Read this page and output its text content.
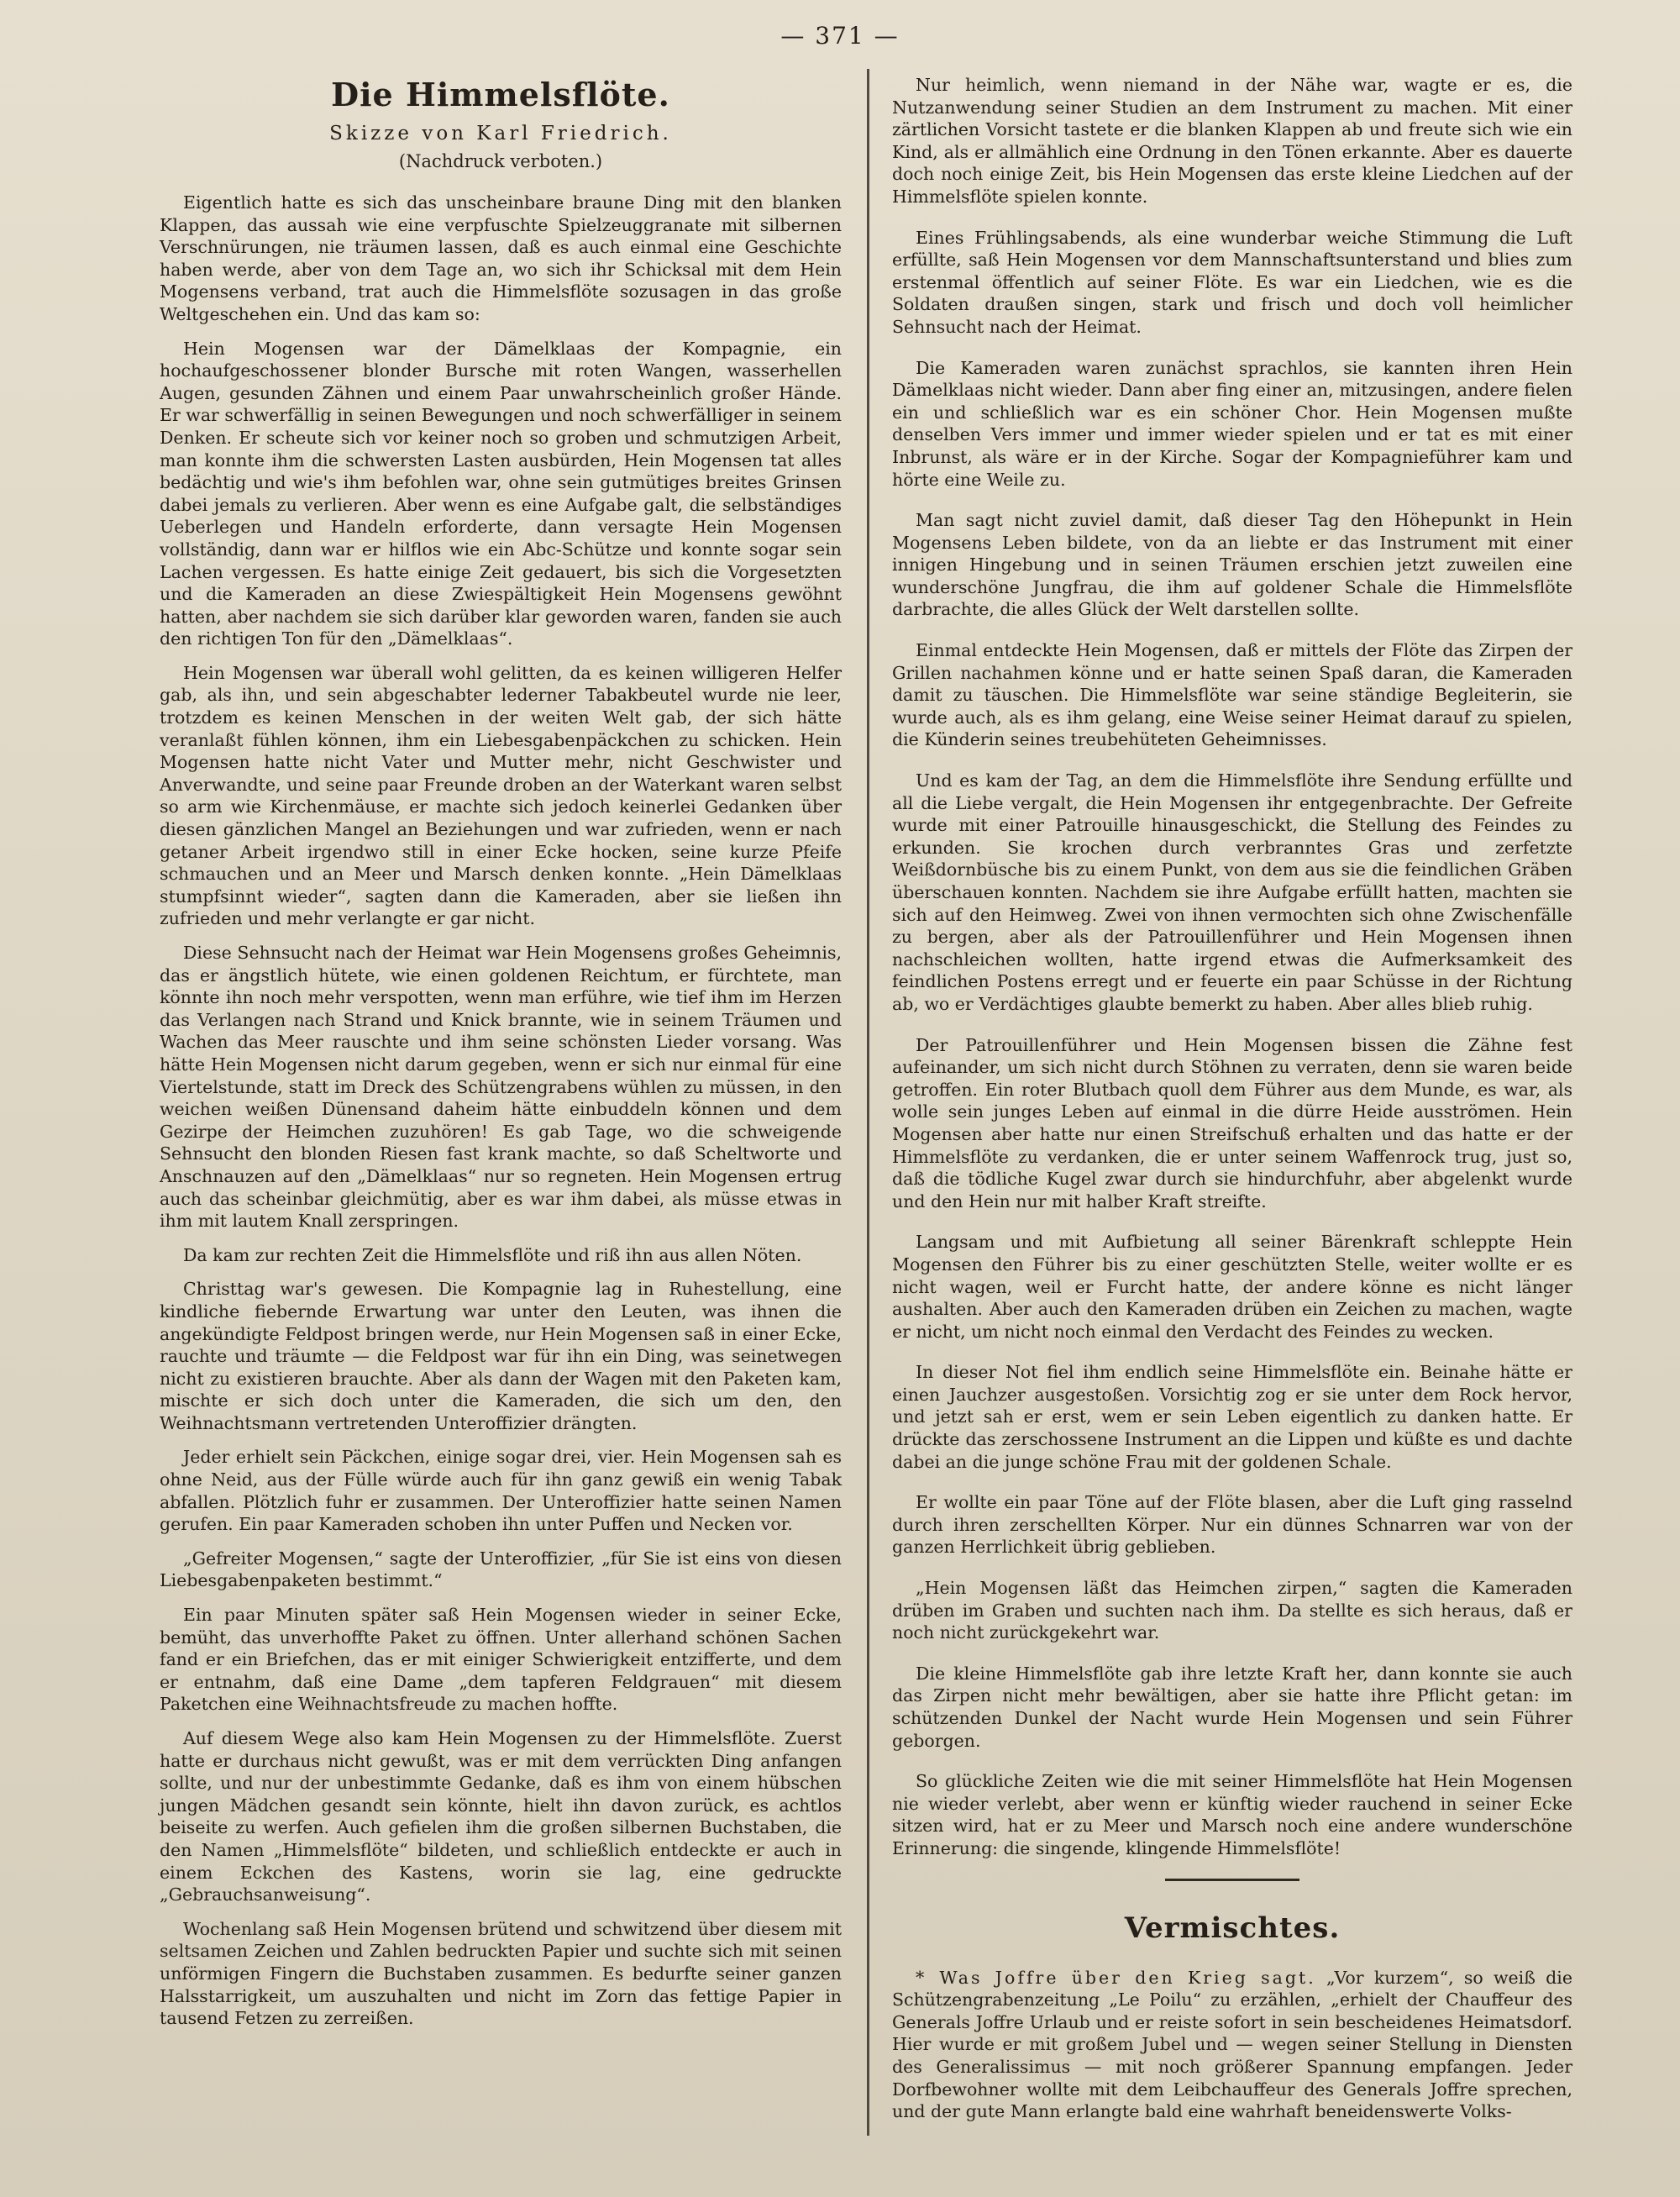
— 371 —
Die Himmelsflöte.
Skizze von Karl Friedrich.
(Nachdruck verboten.)

Eigentlich hatte es sich das unscheinbare braune Ding mit den blanken Klappen, das aussah wie eine verpfuschte Spielzeuggranate mit silbernen Verschnürungen, nie träumen lassen, daß es auch einmal eine Geschichte haben werde, aber von dem Tage an, wo sich ihr Schicksal mit dem Hein Mogensens verband, trat auch die Himmelsflöte sozusagen in das große Weltgeschehen ein. Und das kam so:

Hein Mogensen war der Dämelklaas der Kompagnie, ein hochaufgeschossener blonder Bursche mit roten Wangen, wasserhellen Augen, gesunden Zähnen und einem Paar unwahrscheinlich großer Hände. Er war schwerfällig in seinen Bewegungen und noch schwerfälliger in seinem Denken. Er scheute sich vor keiner noch so groben und schmutzigen Arbeit, man konnte ihm die schwersten Lasten ausbürden, Hein Mogensen tat alles bedächtig und wie's ihm befohlen war, ohne sein gutmütiges breites Grinsen dabei jemals zu verlieren. Aber wenn es eine Aufgabe galt, die selbständiges Ueberlegen und Handeln erforderte, dann versagte Hein Mogensen vollständig, dann war er hilflos wie ein Abc-Schütze und konnte sogar sein Lachen vergessen. Es hatte einige Zeit gedauert, bis sich die Vorgesetzten und die Kameraden an diese Zwiespältigkeit Hein Mogensens gewöhnt hatten, aber nachdem sie sich darüber klar geworden waren, fanden sie auch den richtigen Ton für den „Dämelklaas“.

Hein Mogensen war überall wohl gelitten, da es keinen willigeren Helfer gab, als ihn, und sein abgeschabter lederner Tabakbeutel wurde nie leer, trotzdem es keinen Menschen in der weiten Welt gab, der sich hätte veranlaßt fühlen können, ihm ein Liebesgabenpäckchen zu schicken. Hein Mogensen hatte nicht Vater und Mutter mehr, nicht Geschwister und Anverwandte, und seine paar Freunde droben an der Waterkant waren selbst so arm wie Kirchenmäuse, er machte sich jedoch keinerlei Gedanken über diesen gänzlichen Mangel an Beziehungen und war zufrieden, wenn er nach getaner Arbeit irgendwo still in einer Ecke hocken, seine kurze Pfeife schmauchen und an Meer und Marsch denken konnte. „Hein Dämelklaas stumpfsinnt wieder“, sagten dann die Kameraden, aber sie ließen ihn zufrieden und mehr verlangte er gar nicht.

Diese Sehnsucht nach der Heimat war Hein Mogensens großes Geheimnis, das er ängstlich hütete, wie einen goldenen Reichtum, er fürchtete, man könnte ihn noch mehr verspotten, wenn man erführe, wie tief ihm im Herzen das Verlangen nach Strand und Knick brannte, wie in seinem Träumen und Wachen das Meer rauschte und ihm seine schönsten Lieder vorsang. Was hätte Hein Mogensen nicht darum gegeben, wenn er sich nur einmal für eine Viertelstunde, statt im Dreck des Schützengrabens wühlen zu müssen, in den weichen weißen Dünensand daheim hätte einbuddeln können und dem Gezirpe der Heimchen zuzuhören! Es gab Tage, wo die schweigende Sehnsucht den blonden Riesen fast krank machte, so daß Scheltworte und Anschnauzen auf den „Dämelklaas“ nur so regneten. Hein Mogensen ertrug auch das scheinbar gleichmütig, aber es war ihm dabei, als müsse etwas in ihm mit lautem Knall zerspringen.

Da kam zur rechten Zeit die Himmelsflöte und riß ihn aus allen Nöten.

Christtag war's gewesen. Die Kompagnie lag in Ruhestellung, eine kindliche fiebernde Erwartung war unter den Leuten, was ihnen die angekündigte Feldpost bringen werde, nur Hein Mogensen saß in einer Ecke, rauchte und träumte — die Feldpost war für ihn ein Ding, was seinetwegen nicht zu existieren brauchte. Aber als dann der Wagen mit den Paketen kam, mischte er sich doch unter die Kameraden, die sich um den, den Weihnachtsmann vertretenden Unteroffizier drängten.

Jeder erhielt sein Päckchen, einige sogar drei, vier. Hein Mogensen sah es ohne Neid, aus der Fülle würde auch für ihn ganz gewiß ein wenig Tabak abfallen. Plötzlich fuhr er zusammen. Der Unteroffizier hatte seinen Namen gerufen. Ein paar Kameraden schoben ihn unter Puffen und Necken vor.

„Gefreiter Mogensen,“ sagte der Unteroffizier, „für Sie ist eins von diesen Liebesgabenpaketen bestimmt.“

Ein paar Minuten später saß Hein Mogensen wieder in seiner Ecke, bemüht, das unverhoffte Paket zu öffnen. Unter allerhand schönen Sachen fand er ein Briefchen, das er mit einiger Schwierigkeit entzifferte, und dem er entnahm, daß eine Dame „dem tapferen Feldgrauen“ mit diesem Paketchen eine Weihnachtsfreude zu machen hoffte.

Auf diesem Wege also kam Hein Mogensen zu der Himmelsflöte. Zuerst hatte er durchaus nicht gewußt, was er mit dem verrückten Ding anfangen sollte, und nur der unbestimmte Gedanke, daß es ihm von einem hübschen jungen Mädchen gesandt sein könnte, hielt ihn davon zurück, es achtlos beiseite zu werfen. Auch gefielen ihm die großen silbernen Buchstaben, die den Namen „Himmelsflöte“ bildeten, und schließlich entdeckte er auch in einem Eckchen des Kastens, worin sie lag, eine gedruckte „Gebrauchsanweisung“.

Wochenlang saß Hein Mogensen brütend und schwitzend über diesem mit seltsamen Zeichen und Zahlen bedruckten Papier und suchte sich mit seinen unförmigen Fingern die Buchstaben zusammen. Es bedurfte seiner ganzen Halsstarrigkeit, um auszuhalten und nicht im Zorn das fettige Papier in tausend Fetzen zu zerreißen.

Nur heimlich, wenn niemand in der Nähe war, wagte er es, die Nutzanwendung seiner Studien an dem Instrument zu machen. Mit einer zärtlichen Vorsicht tastete er die blanken Klappen ab und freute sich wie ein Kind, als er allmählich eine Ordnung in den Tönen erkannte. Aber es dauerte doch noch einige Zeit, bis Hein Mogensen das erste kleine Liedchen auf der Himmelsflöte spielen konnte.

Eines Frühlingsabends, als eine wunderbar weiche Stimmung die Luft erfüllte, saß Hein Mogensen vor dem Mannschaftsunterstand und blies zum erstenmal öffentlich auf seiner Flöte. Es war ein Liedchen, wie es die Soldaten draußen singen, stark und frisch und doch voll heimlicher Sehnsucht nach der Heimat.

Die Kameraden waren zunächst sprachlos, sie kannten ihren Hein Dämelklaas nicht wieder. Dann aber fing einer an, mitzusingen, andere fielen ein und schließlich war es ein schöner Chor. Hein Mogensen mußte denselben Vers immer und immer wieder spielen und er tat es mit einer Inbrunst, als wäre er in der Kirche. Sogar der Kompagnieführer kam und hörte eine Weile zu.

Man sagt nicht zuviel damit, daß dieser Tag den Höhepunkt in Hein Mogensens Leben bildete, von da an liebte er das Instrument mit einer innigen Hingebung und in seinen Träumen erschien jetzt zuweilen eine wunderschöne Jungfrau, die ihm auf goldener Schale die Himmelsflöte darbrachte, die alles Glück der Welt darstellen sollte.

Einmal entdeckte Hein Mogensen, daß er mittels der Flöte das Zirpen der Grillen nachahmen könne und er hatte seinen Spaß daran, die Kameraden damit zu täuschen. Die Himmelsflöte war seine ständige Begleiterin, sie wurde auch, als es ihm gelang, eine Weise seiner Heimat darauf zu spielen, die Künderin seines treubehüteten Geheimnisses.

Und es kam der Tag, an dem die Himmelsflöte ihre Sendung erfüllte und all die Liebe vergalt, die Hein Mogensen ihr entgegenbrachte. Der Gefreite wurde mit einer Patrouille hinausgeschickt, die Stellung des Feindes zu erkunden. Sie krochen durch verbranntes Gras und zerfetzte Weißdornbüsche bis zu einem Punkt, von dem aus sie die feindlichen Gräben überschauen konnten. Nachdem sie ihre Aufgabe erfüllt hatten, machten sie sich auf den Heimweg. Zwei von ihnen vermochten sich ohne Zwischenfälle zu bergen, aber als der Patrouillenführer und Hein Mogensen ihnen nachschleichen wollten, hatte irgend etwas die Aufmerksamkeit des feindlichen Postens erregt und er feuerte ein paar Schüsse in der Richtung ab, wo er Verdächtiges glaubte bemerkt zu haben. Aber alles blieb ruhig.

Der Patrouillenführer und Hein Mogensen bissen die Zähne fest aufeinander, um sich nicht durch Stöhnen zu verraten, denn sie waren beide getroffen. Ein roter Blutbach quoll dem Führer aus dem Munde, es war, als wolle sein junges Leben auf einmal in die dürre Heide ausströmen. Hein Mogensen aber hatte nur einen Streifschuß erhalten und das hatte er der Himmelsflöte zu verdanken, die er unter seinem Waffenrock trug, just so, daß die tödliche Kugel zwar durch sie hindurchfuhr, aber abgelenkt wurde und den Hein nur mit halber Kraft streifte.

Langsam und mit Aufbietung all seiner Bärenkraft schleppte Hein Mogensen den Führer bis zu einer geschützten Stelle, weiter wollte er es nicht wagen, weil er Furcht hatte, der andere könne es nicht länger aushalten. Aber auch den Kameraden drüben ein Zeichen zu machen, wagte er nicht, um nicht noch einmal den Verdacht des Feindes zu wecken.

In dieser Not fiel ihm endlich seine Himmelsflöte ein. Beinahe hätte er einen Jauchzer ausgestoßen. Vorsichtig zog er sie unter dem Rock hervor, und jetzt sah er erst, wem er sein Leben eigentlich zu danken hatte. Er drückte das zerschossene Instrument an die Lippen und küßte es und dachte dabei an die junge schöne Frau mit der goldenen Schale.

Er wollte ein paar Töne auf der Flöte blasen, aber die Luft ging rasselnd durch ihren zerschellten Körper. Nur ein dünnes Schnarren war von der ganzen Herrlichkeit übrig geblieben.

„Hein Mogensen läßt das Heimchen zirpen,“ sagten die Kameraden drüben im Graben und suchten nach ihm. Da stellte es sich heraus, daß er noch nicht zurückgekehrt war.

Die kleine Himmelsflöte gab ihre letzte Kraft her, dann konnte sie auch das Zirpen nicht mehr bewältigen, aber sie hatte ihre Pflicht getan: im schützenden Dunkel der Nacht wurde Hein Mogensen und sein Führer geborgen.

So glückliche Zeiten wie die mit seiner Himmelsflöte hat Hein Mogensen nie wieder verlebt, aber wenn er künftig wieder rauchend in seiner Ecke sitzen wird, hat er zu Meer und Marsch noch eine andere wunderschöne Erinnerung: die singende, klingende Himmelsflöte!

Vermischtes.

* Was Joffre über den Krieg sagt. „Vor kurzem“, so weiß die Schützengrabenzeitung „Le Poilu“ zu erzählen, „erhielt der Chauffeur des Generals Joffre Urlaub und er reiste sofort in sein bescheidenes Heimatsdorf. Hier wurde er mit großem Jubel und — wegen seiner Stellung in Diensten des Generalissimus — mit noch größerer Spannung empfangen. Jeder Dorfbewohner wollte mit dem Leibchauffeur des Generals Joffre sprechen, und der gute Mann erlangte bald eine wahrhaft beneidenswerte Volks-
